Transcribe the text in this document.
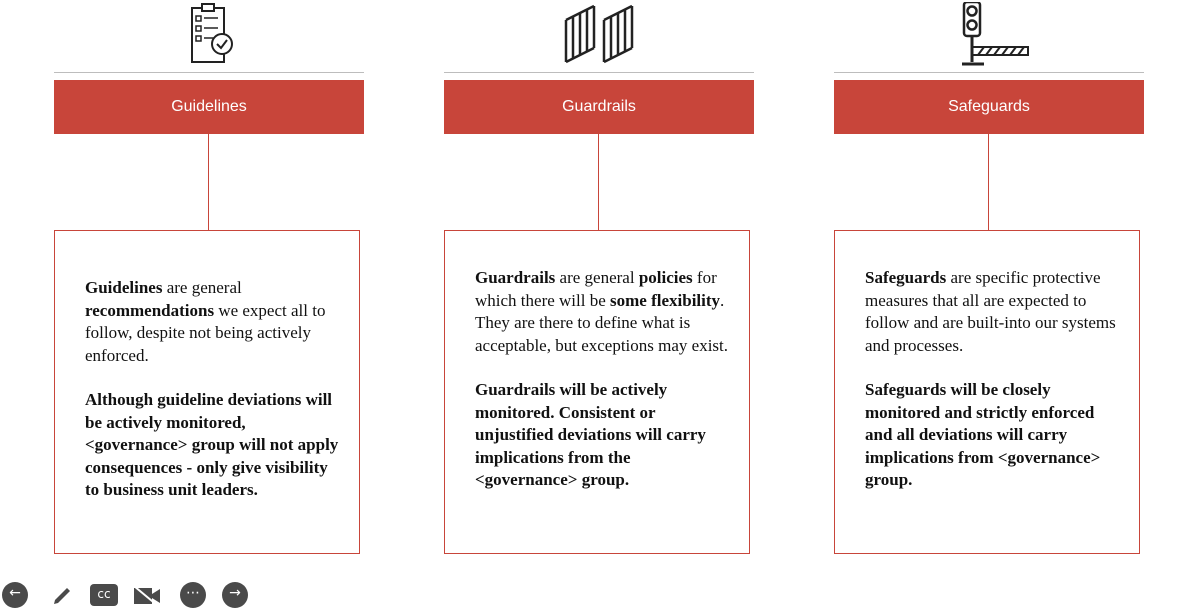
Guidelines
Guidelines are general recommendations we expect all to follow, despite not being actively enforced.
Although guideline deviations will be actively monitored, <governance> group will not apply consequences - only give visibility to business unit leaders.
Guardrails
Guardrails are general policies for which there will be some flexibility. They are there to define what is acceptable, but exceptions may exist.
Guardrails will be actively monitored. Consistent or unjustified deviations will carry implications from the <governance> group.
Safeguards
Safeguards are specific protective measures that all are expected to follow and are built-into our systems and processes.
Safeguards will be closely monitored and strictly enforced and all deviations will carry implications from <governance> group.
←	cc	⋯	→
